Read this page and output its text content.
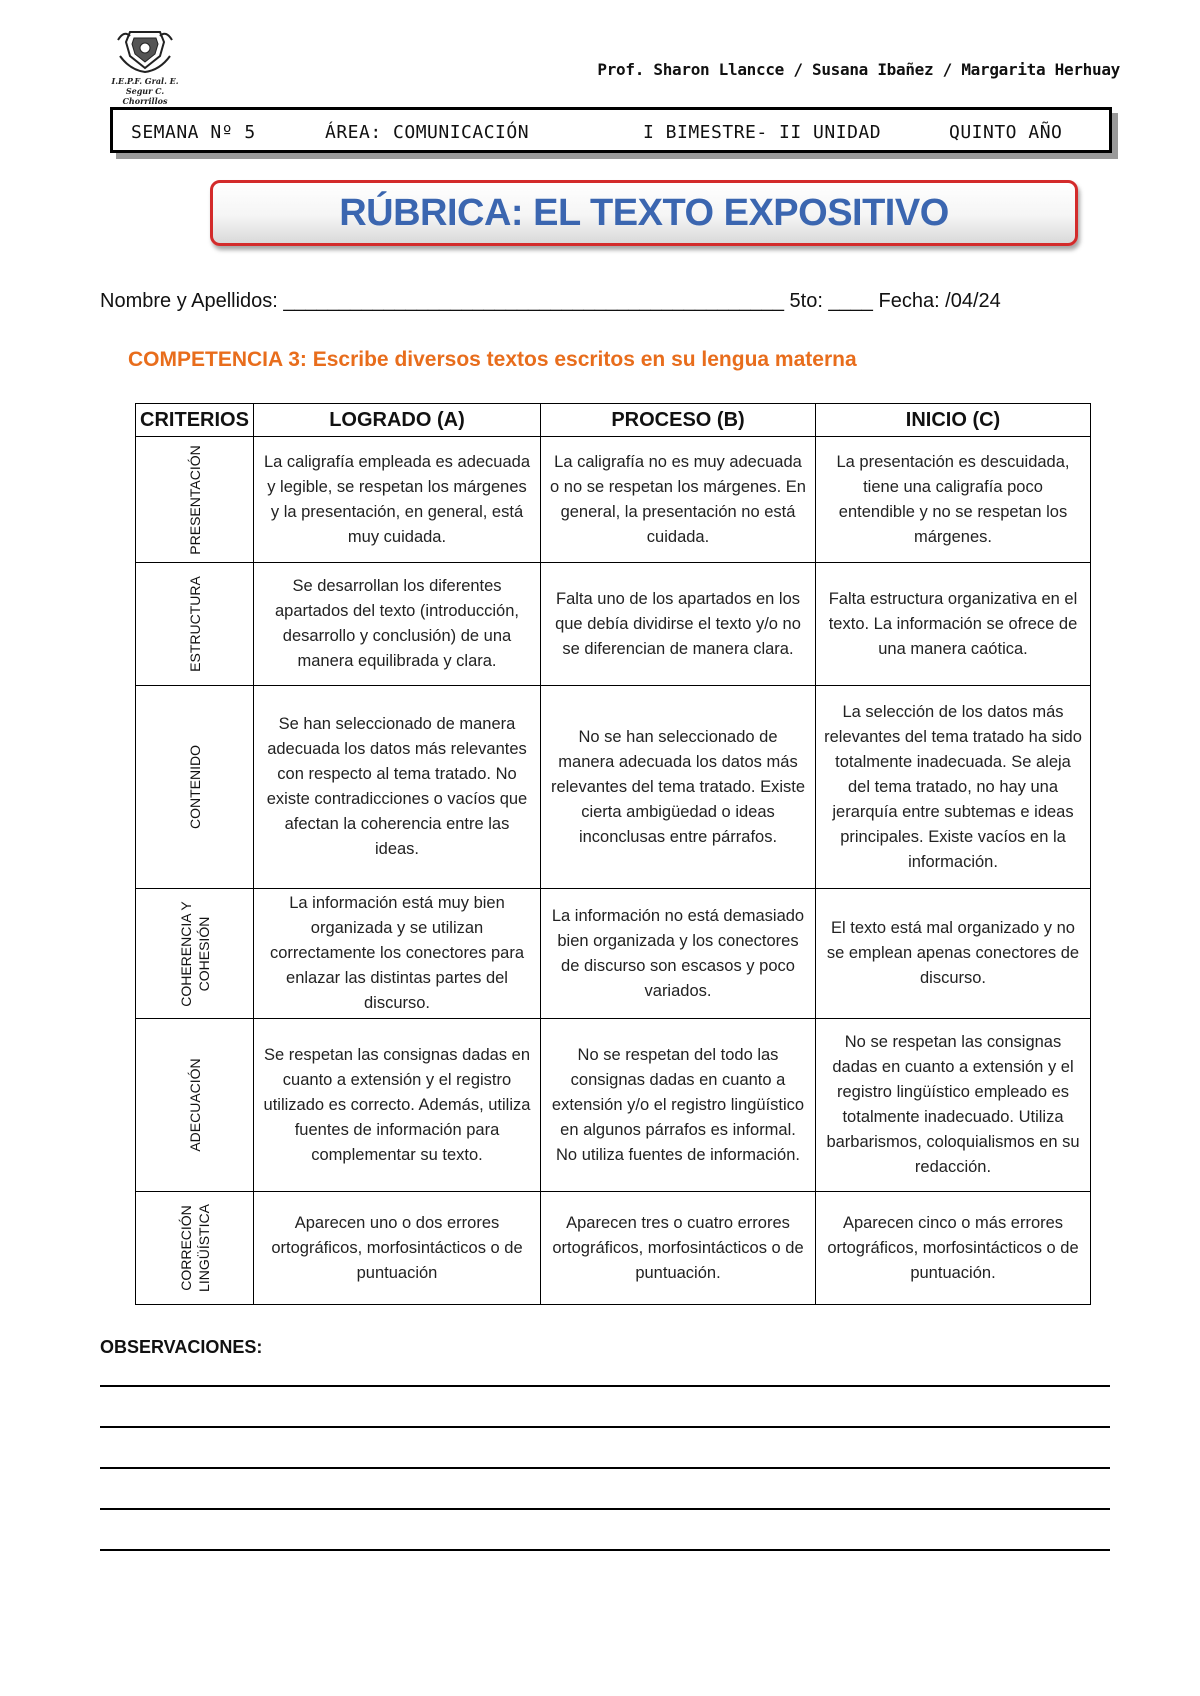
I.E.P.F. Gral. E. Segur C.
Chorrillos
Prof. Sharon Llancce / Susana Ibañez / Margarita Herhuay
SEMANA Nº 5	ÁREA: COMUNICACIÓN	I BIMESTRE- II UNIDAD	QUINTO AÑO
RÚBRICA: EL TEXTO EXPOSITIVO
Nombre y Apellidos: _____________________________________________ 5to: ____ Fecha: /04/24
COMPETENCIA 3: Escribe diversos textos escritos en su lengua materna
CRITERIOS	LOGRADO (A)	PROCESO (B)	INICIO (C)

PRESENTACIÓN	La caligrafía empleada es adecuada y legible, se respetan los márgenes y la presentación, en general, está muy cuidada.	La caligrafía no es muy adecuada o no se respetan los márgenes. En general, la presentación no está cuidada.	La presentación es descuidada, tiene una caligrafía poco entendible y no se respetan los márgenes.

ESTRUCTURA	Se desarrollan los diferentes apartados del texto (introducción, desarrollo y conclusión) de una manera equilibrada y clara.	Falta uno de los apartados en los que debía dividirse el texto y/o no se diferencian de manera clara.	Falta estructura organizativa en el texto. La información se ofrece de una manera caótica.

CONTENIDO	Se han seleccionado de manera adecuada los datos más relevantes con respecto al tema tratado. No existe contradicciones o vacíos que afectan la coherencia entre las ideas.	No se han seleccionado de manera adecuada los datos más relevantes del tema tratado. Existe cierta ambigüedad o ideas inconclusas entre párrafos.	La selección de los datos más relevantes del tema tratado ha sido totalmente inadecuada. Se aleja del tema tratado, no hay una jerarquía entre subtemas e ideas principales. Existe vacíos en la información.

COHERENCIA Y
COHESIÓN	La información está muy bien organizada y se utilizan correctamente los conectores para enlazar las distintas partes del discurso.	La información no está demasiado bien organizada y los conectores de discurso son escasos y poco variados.	El texto está mal organizado y no se emplean apenas conectores de discurso.

ADECUACIÓN	Se respetan las consignas dadas en cuanto a extensión y el registro utilizado es correcto. Además, utiliza fuentes de información para complementar su texto.	No se respetan del todo las consignas dadas en cuanto a extensión y/o el registro lingüístico en algunos párrafos es informal. No utiliza fuentes de información.	No se respetan las consignas dadas en cuanto a extensión y el registro lingüístico empleado es totalmente inadecuado. Utiliza barbarismos, coloquialismos en su redacción.

CORRECIÓN
LINGÜÍSTICA	Aparecen uno o dos errores ortográficos, morfosintácticos o de puntuación	Aparecen tres o cuatro errores ortográficos, morfosintácticos o de puntuación.	Aparecen cinco o más errores ortográficos, morfosintácticos o de puntuación.
OBSERVACIONES:
